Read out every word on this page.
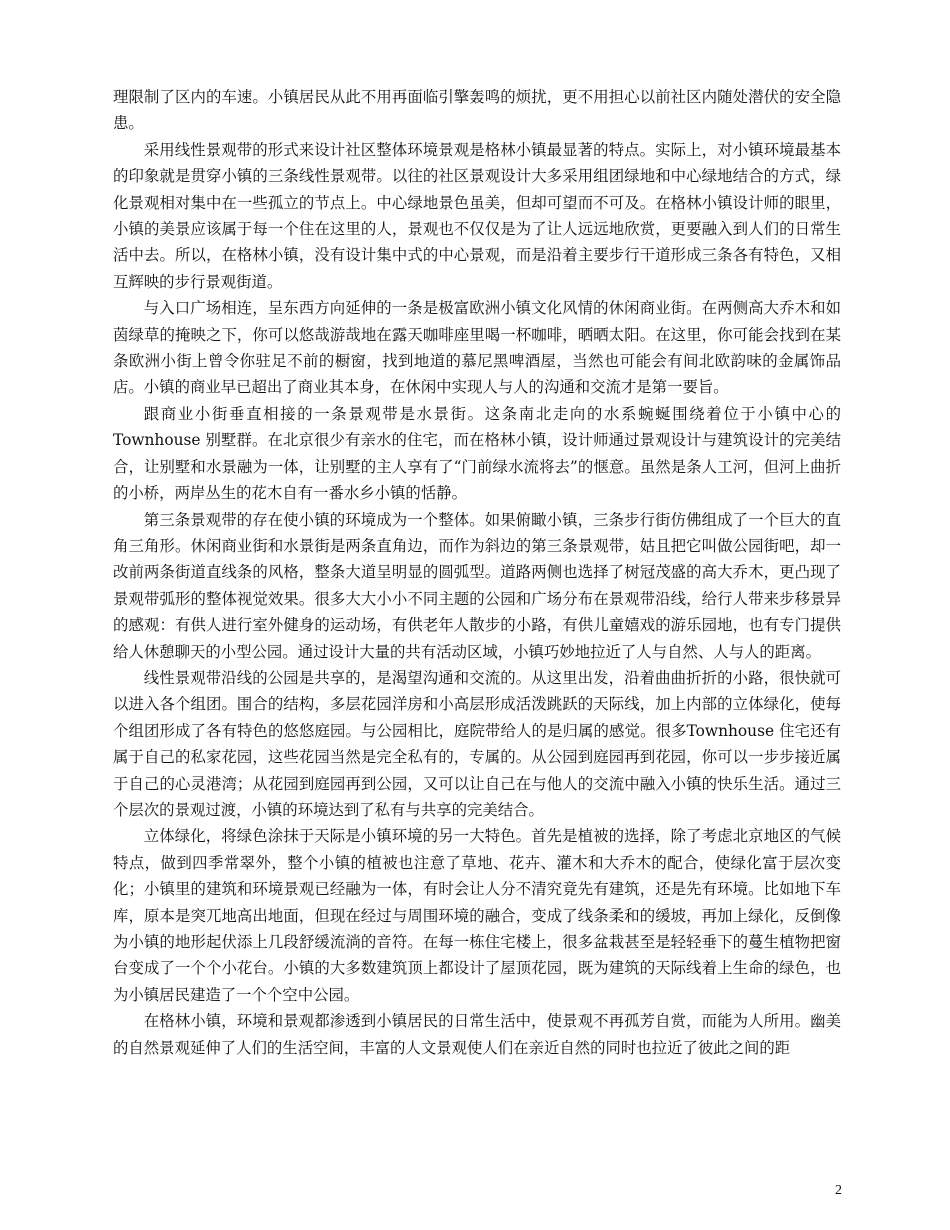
理限制了区内的车速。小镇居民从此不用再面临引擎轰鸣的烦扰，更不用担心以前社区内随处潜伏的安全隐患。

采用线性景观带的形式来设计社区整体环境景观是格林小镇最显著的特点。实际上，对小镇环境最基本的印象就是贯穿小镇的三条线性景观带。以往的社区景观设计大多采用组团绿地和中心绿地结合的方式，绿化景观相对集中在一些孤立的节点上。中心绿地景色虽美，但却可望而不可及。在格林小镇设计师的眼里，小镇的美景应该属于每一个住在这里的人，景观也不仅仅是为了让人远远地欣赏，更要融入到人们的日常生活中去。所以，在格林小镇，没有设计集中式的中心景观，而是沿着主要步行干道形成三条各有特色，又相互辉映的步行景观街道。

与入口广场相连，呈东西方向延伸的一条是极富欧洲小镇文化风情的休闲商业街。在两侧高大乔木和如茵绿草的掩映之下，你可以悠哉游哉地在露天咖啡座里喝一杯咖啡，晒晒太阳。在这里，你可能会找到在某条欧洲小街上曾令你驻足不前的橱窗，找到地道的慕尼黑啤酒屋，当然也可能会有间北欧韵味的金属饰品店。小镇的商业早已超出了商业其本身，在休闲中实现人与人的沟通和交流才是第一要旨。

跟商业小街垂直相接的一条景观带是水景街。这条南北走向的水系蜿蜒围绕着位于小镇中心的Townhouse 别墅群。在北京很少有亲水的住宅，而在格林小镇，设计师通过景观设计与建筑设计的完美结合，让别墅和水景融为一体，让别墅的主人享有了“门前绿水流将去”的惬意。虽然是条人工河，但河上曲折的小桥，两岸丛生的花木自有一番水乡小镇的恬静。

第三条景观带的存在使小镇的环境成为一个整体。如果俯瞰小镇，三条步行街仿佛组成了一个巨大的直角三角形。休闲商业街和水景街是两条直角边，而作为斜边的第三条景观带，姑且把它叫做公园街吧，却一改前两条街道直线条的风格，整条大道呈明显的圆弧型。道路两侧也选择了树冠茂盛的高大乔木，更凸现了景观带弧形的整体视觉效果。很多大大小小不同主题的公园和广场分布在景观带沿线，给行人带来步移景异的感观：有供人进行室外健身的运动场，有供老年人散步的小路，有供儿童嬉戏的游乐园地，也有专门提供给人休憩聊天的小型公园。通过设计大量的共有活动区域，小镇巧妙地拉近了人与自然、人与人的距离。

线性景观带沿线的公园是共享的，是渴望沟通和交流的。从这里出发，沿着曲曲折折的小路，很快就可以进入各个组团。围合的结构，多层花园洋房和小高层形成活泼跳跃的天际线，加上内部的立体绿化，使每个组团形成了各有特色的悠悠庭园。与公园相比，庭院带给人的是归属的感觉。很多Townhouse 住宅还有属于自己的私家花园，这些花园当然是完全私有的，专属的。从公园到庭园再到花园，你可以一步步接近属于自己的心灵港湾；从花园到庭园再到公园，又可以让自己在与他人的交流中融入小镇的快乐生活。通过三个层次的景观过渡，小镇的环境达到了私有与共享的完美结合。

立体绿化，将绿色涂抹于天际是小镇环境的另一大特色。首先是植被的选择，除了考虑北京地区的气候特点，做到四季常翠外，整个小镇的植被也注意了草地、花卉、灌木和大乔木的配合，使绿化富于层次变化；小镇里的建筑和环境景观已经融为一体，有时会让人分不清究竟先有建筑，还是先有环境。比如地下车库，原本是突兀地高出地面，但现在经过与周围环境的融合，变成了线条柔和的缓坡，再加上绿化，反倒像为小镇的地形起伏添上几段舒缓流淌的音符。在每一栋住宅楼上，很多盆栽甚至是轻轻垂下的蔓生植物把窗台变成了一个个小花台。小镇的大多数建筑顶上都设计了屋顶花园，既为建筑的天际线着上生命的绿色，也为小镇居民建造了一个个空中公园。

在格林小镇，环境和景观都渗透到小镇居民的日常生活中，使景观不再孤芳自赏，而能为人所用。幽美的自然景观延伸了人们的生活空间，丰富的人文景观使人们在亲近自然的同时也拉近了彼此之间的距

2
